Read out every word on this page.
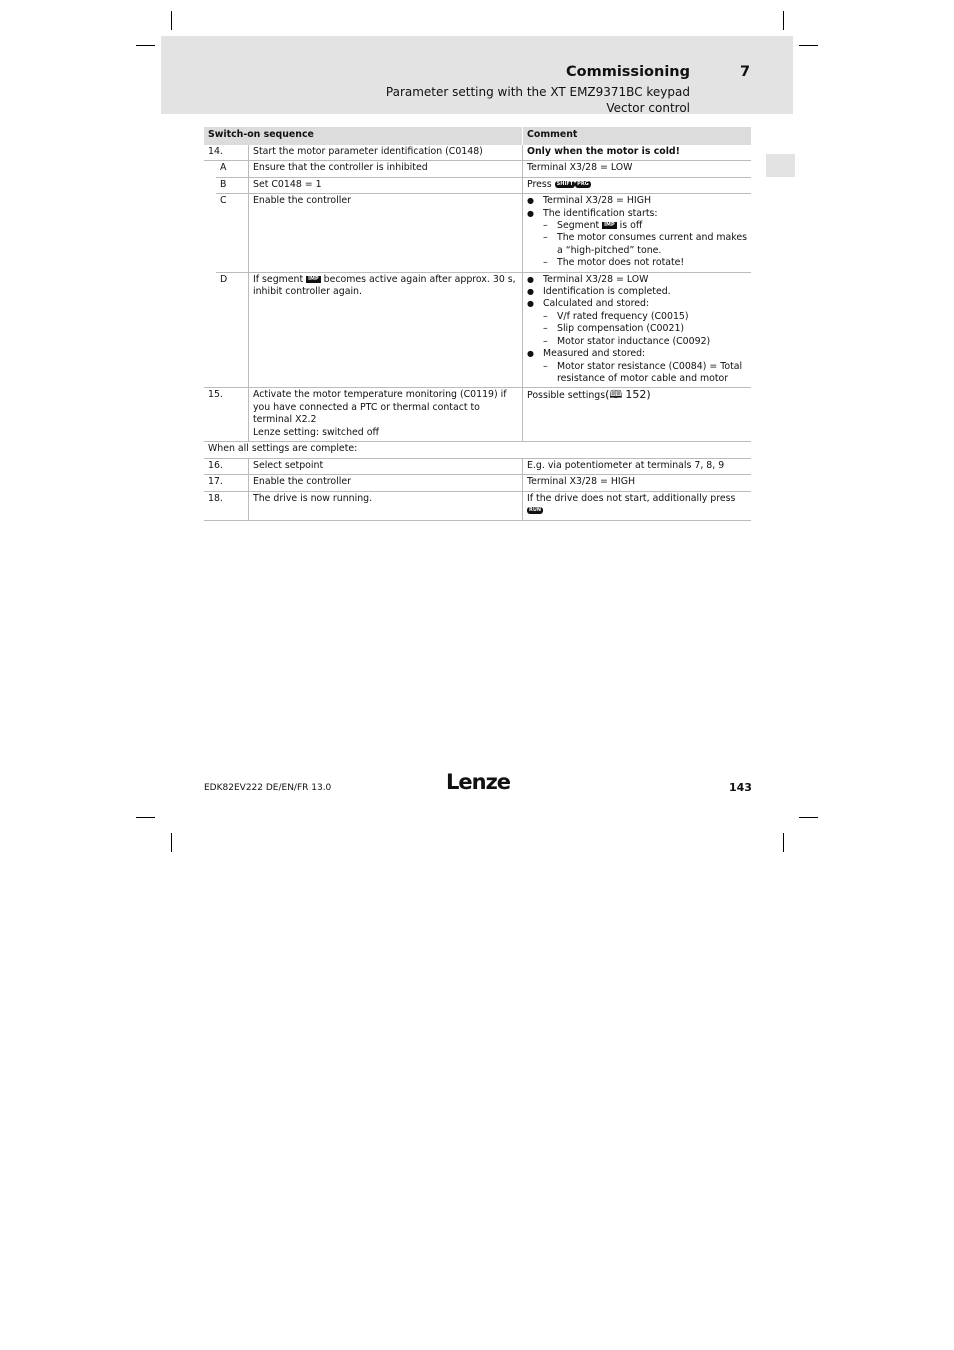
Commissioning	7
Parameter setting with the XT EMZ9371BC keypad
Vector control
Switch-on sequence	Comment
14.	Start the motor parameter identification (C0148)	Only when the motor is cold!
A	Ensure that the controller is inhibited	Terminal X3/28 = LOW
B	Set C0148 = 1	Press SHIFT PRG
C	Enable the controller
●	Terminal X3/28 = HIGH
● The identification starts:
– Segment IMP is off
– The motor consumes current and makes a “high-pitched” tone.
– The motor does not rotate!
D	If segment IMP becomes active again after approx. 30 s, inhibit controller again.
● Terminal X3/28 = LOW
● Identification is completed.
● Calculated and stored:
– V/f rated frequency (C0015)
– Slip compensation (C0021)
– Motor stator inductance (C0092)
● Measured and stored:
– Motor stator resistance (C0084) = Total resistance of motor cable and motor
15.	Activate the motor temperature monitoring (C0119) if you have connected a PTC or thermal contact to terminal X2.2
Lenze setting: switched off
Possible settings(🕮 152)
When all settings are complete:
16.	Select setpoint	E.g. via potentiometer at terminals 7, 8, 9
17.	Enable the controller	Terminal X3/28 = HIGH
18.	The drive is now running.	If the drive does not start, additionally press RUN
EDK82EV222 DE/EN/FR 13.0	Lenze	143
